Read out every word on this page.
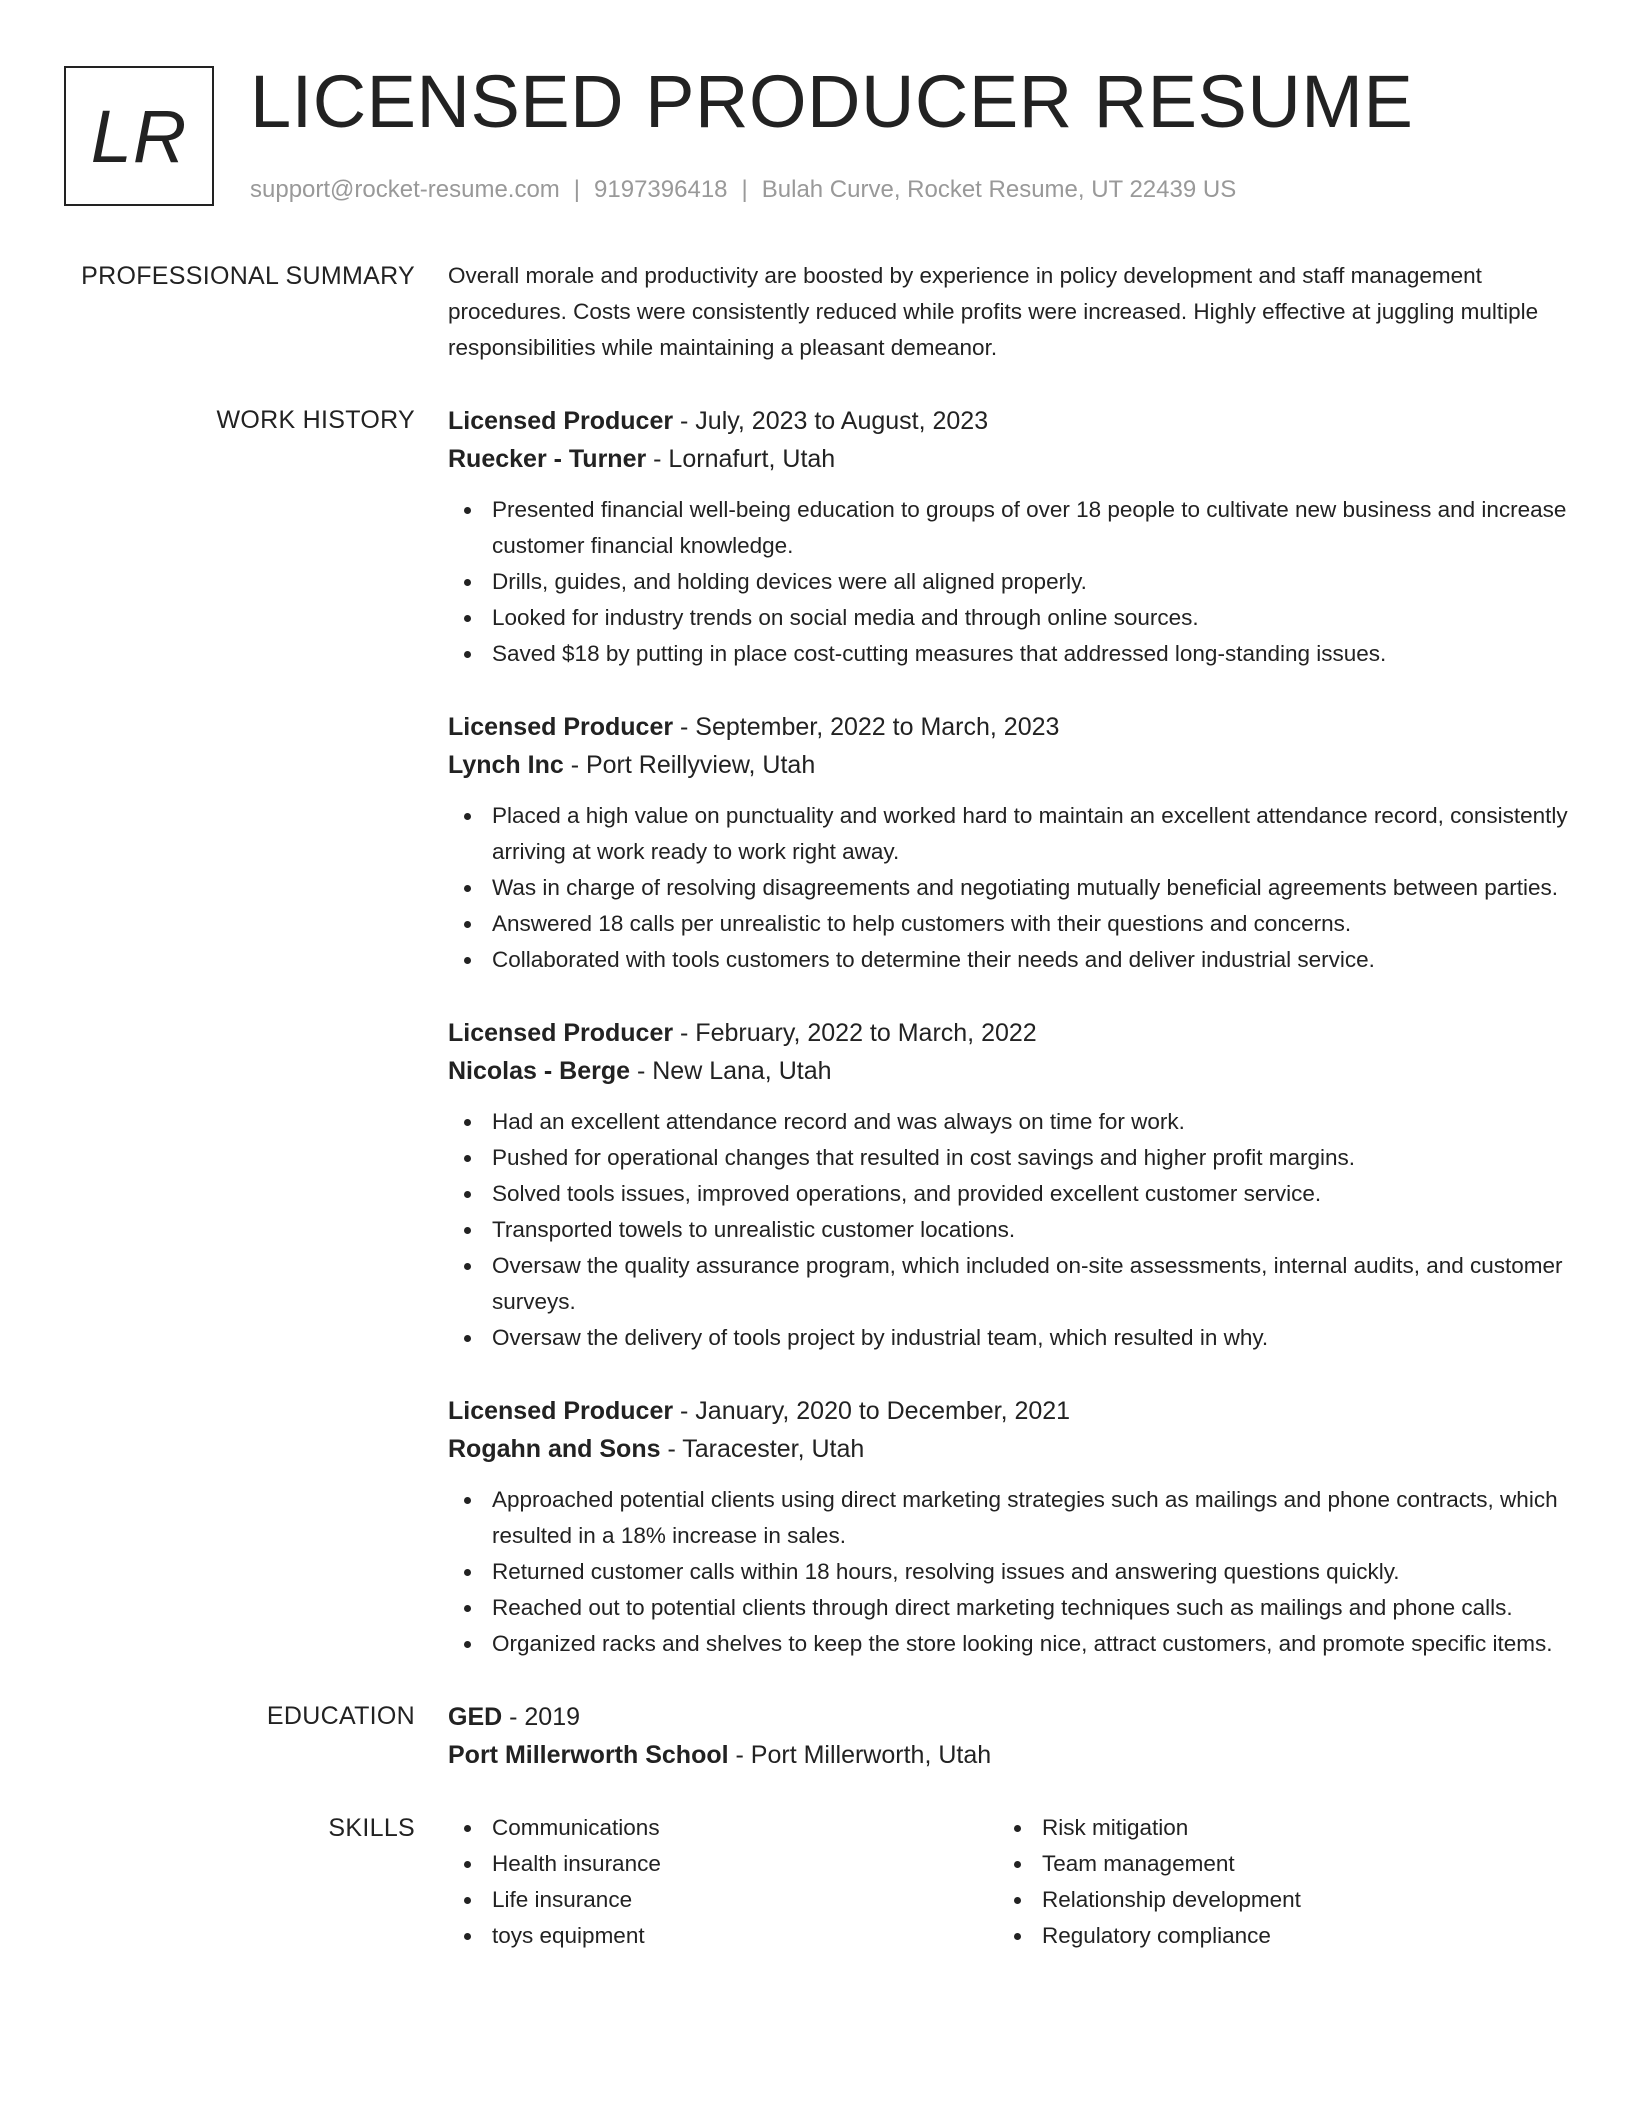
LR LICENSED PRODUCER RESUME
support@rocket-resume.com | 9197396418 | Bulah Curve, Rocket Resume, UT 22439 US
PROFESSIONAL SUMMARY Overall morale and productivity are boosted by experience in policy development and staff management procedures. Costs were consistently reduced while profits were increased. Highly effective at juggling multiple responsibilities while maintaining a pleasant demeanor.

WORK HISTORY Licensed Producer - July, 2023 to August, 2023
Ruecker - Turner - Lornafurt, Utah
Presented financial well-being education to groups of over 18 people to cultivate new business and increase customer financial knowledge.
Drills, guides, and holding devices were all aligned properly.
Looked for industry trends on social media and through online sources.
Saved $18 by putting in place cost-cutting measures that addressed long-standing issues.
Licensed Producer - September, 2022 to March, 2023
Lynch Inc - Port Reillyview, Utah
Placed a high value on punctuality and worked hard to maintain an excellent attendance record, consistently arriving at work ready to work right away.
Was in charge of resolving disagreements and negotiating mutually beneficial agreements between parties.
Answered 18 calls per unrealistic to help customers with their questions and concerns.
Collaborated with tools customers to determine their needs and deliver industrial service.
Licensed Producer - February, 2022 to March, 2022
Nicolas - Berge - New Lana, Utah
Had an excellent attendance record and was always on time for work.
Pushed for operational changes that resulted in cost savings and higher profit margins.
Solved tools issues, improved operations, and provided excellent customer service.
Transported towels to unrealistic customer locations.
Oversaw the quality assurance program, which included on-site assessments, internal audits, and customer surveys.
Oversaw the delivery of tools project by industrial team, which resulted in why.
Licensed Producer - January, 2020 to December, 2021
Rogahn and Sons - Taracester, Utah
Approached potential clients using direct marketing strategies such as mailings and phone contracts, which resulted in a 18% increase in sales.
Returned customer calls within 18 hours, resolving issues and answering questions quickly.
Reached out to potential clients through direct marketing techniques such as mailings and phone calls.
Organized racks and shelves to keep the store looking nice, attract customers, and promote specific items.
EDUCATION GED - 2019
Port Millerworth School - Port Millerworth, Utah
SKILLS	Communications
Health insurance
Life insurance
toys equipment
Risk mitigation
Team management
Relationship development
Regulatory compliance
